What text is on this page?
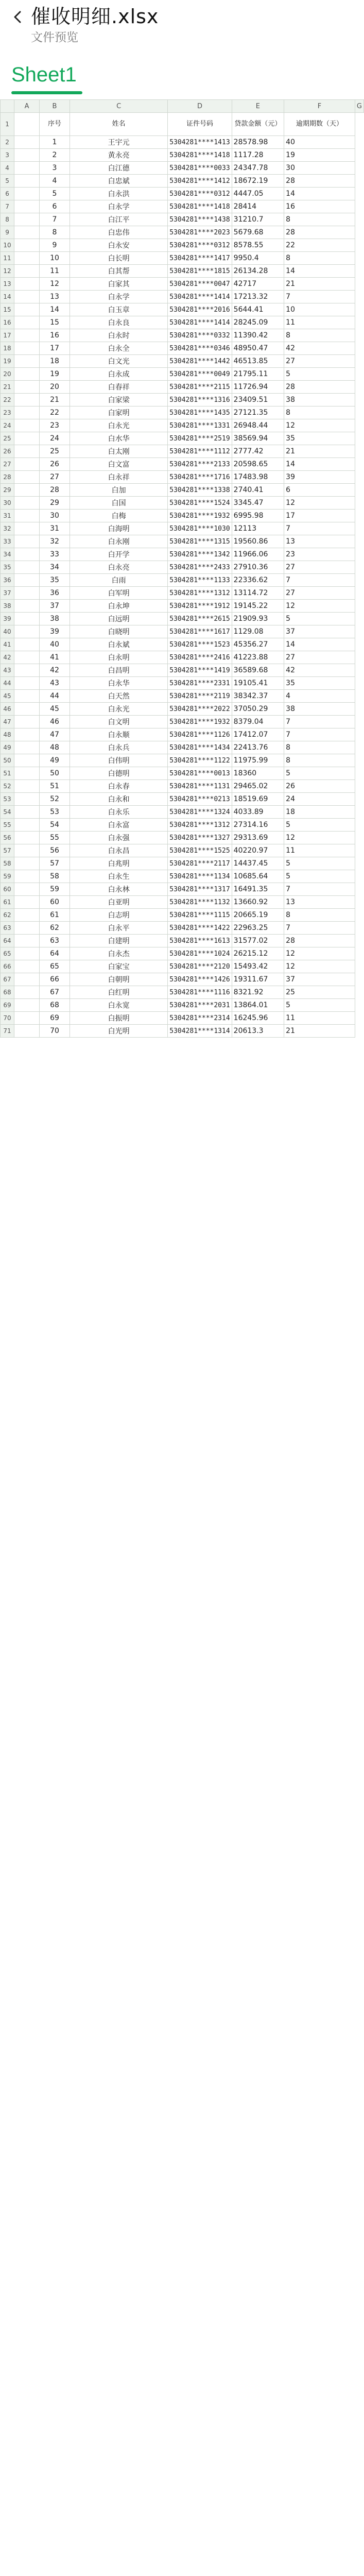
催收明细.xlsx
文件预览
Sheet1
	A	B	C	D	E	F	G
1		序号	姓名	证件号码	贷款金额（元）	逾期期数（天）	
2		1	王宇元	5304281****1413	28578.98	40	
3		2	黄永亮	5304281****1418	1117.28	19	
4		3	白江德	5304281****0033	24347.78	30	
5		4	白忠斌	5304281****1412	18672.19	28	
6		5	白永洪	5304281****0312	4447.05	14	
7		6	白永学	5304281****1418	28414	16	
8		7	白江平	5304281****1438	31210.7	8	
9		8	白忠伟	5304281****2023	5679.68	28	
10		9	白永安	5304281****0312	8578.55	22	
11		10	白长明	5304281****1417	9950.4	8	
12		11	白其帮	5304281****1815	26134.28	14	
13		12	白家其	5304281****0047	42717	21	
14		13	白永学	5304281****1414	17213.32	7	
15		14	白玉章	5304281****2016	5644.41	10	
16		15	白永良	5304281****1414	28245.09	11	
17		16	白永时	5304281****0332	11390.42	8	
18		17	白永全	5304281****0346	48950.47	42	
19		18	白文光	5304281****1442	46513.85	27	
20		19	白永成	5304281****0049	21795.11	5	
21		20	白春祥	5304281****2115	11726.94	28	
22		21	白家梁	5304281****1316	23409.51	38	
23		22	白家明	5304281****1435	27121.35	8	
24		23	白永光	5304281****1331	26948.44	12	
25		24	白水华	5304281****2519	38569.94	35	
26		25	白太刚	5304281****1112	2777.42	21	
27		26	白文富	5304281****2133	20598.65	14	
28		27	白永祥	5304281****1716	17483.98	39	
29		28	白加	5304281****1338	2740.41	6	
30		29	白国	5304281****1524	3345.47	12	
31		30	白梅	5304281****1932	6995.98	17	
32		31	白海明	5304281****1030	12113	7	
33		32	白永刚	5304281****1315	19560.86	13	
34		33	白开学	5304281****1342	11966.06	23	
35		34	白永亮	5304281****2433	27910.36	27	
36		35	白雨	5304281****1133	22336.62	7	
37		36	白军明	5304281****1312	13114.72	27	
38		37	白永坤	5304281****1912	19145.22	12	
39		38	白远明	5304281****2615	21909.93	5	
40		39	白晓明	5304281****1617	1129.08	37	
41		40	白永斌	5304281****1523	45356.27	14	
42		41	白永明	5304281****2416	41223.88	27	
43		42	白昌明	5304281****1419	36589.68	42	
44		43	白永华	5304281****2331	19105.41	35	
45		44	白天然	5304281****2119	38342.37	4	
46		45	白永光	5304281****2022	37050.29	38	
47		46	白文明	5304281****1932	8379.04	7	
48		47	白永顺	5304281****1126	17412.07	7	
49		48	白永兵	5304281****1434	22413.76	8	
50		49	白伟明	5304281****1122	11975.99	8	
51		50	白德明	5304281****0013	18360	5	
52		51	白永春	5304281****1131	29465.02	26	
53		52	白永和	5304281****0213	18519.69	24	
54		53	白永乐	5304281****1324	4033.89	18	
55		54	白永富	5304281****1312	27314.16	5	
56		55	白永强	5304281****1327	29313.69	12	
57		56	白永昌	5304281****1525	40220.97	11	
58		57	白兆明	5304281****2117	14437.45	5	
59		58	白永生	5304281****1134	10685.64	5	
60		59	白永林	5304281****1317	16491.35	7	
61		60	白亚明	5304281****1132	13660.92	13	
62		61	白志明	5304281****1115	20665.19	8	
63		62	白永平	5304281****1422	22963.25	7	
64		63	白建明	5304281****1613	31577.02	28	
65		64	白永杰	5304281****1024	26215.12	12	
66		65	白家宝	5304281****2120	15493.42	12	
67		66	白朝明	5304281****1426	19311.67	37	
68		67	白红明	5304281****1116	8321.92	25	
69		68	白永宽	5304281****2031	13864.01	5	
70		69	白振明	5304281****2314	16245.96	11	
71		70	白光明	5304281****1314	20613.3	21	
